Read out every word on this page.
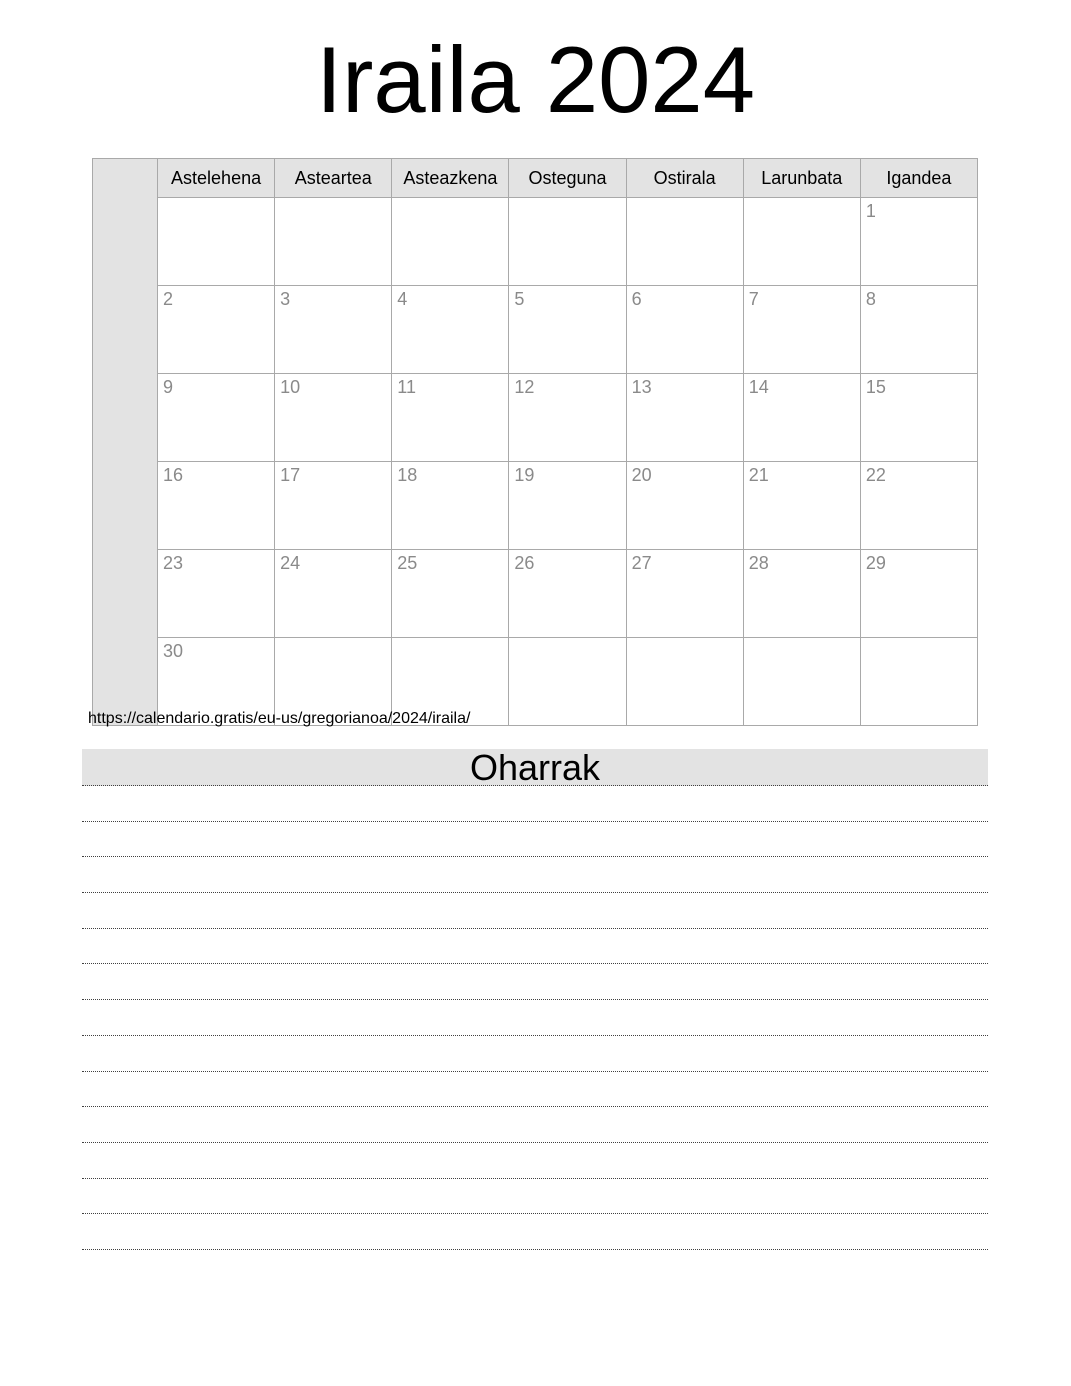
Iraila 2024
	Astelehena	Asteartea	Asteazkena	Osteguna	Ostirala	Larunbata	Igandea
							1
	2	3	4	5	6	7	8
	9	10	11	12	13	14	15
	16	17	18	19	20	21	22
	23	24	25	26	27	28	29
	30						
https://calendario.gratis/eu-us/gregorianoa/2024/iraila/
Oharrak
